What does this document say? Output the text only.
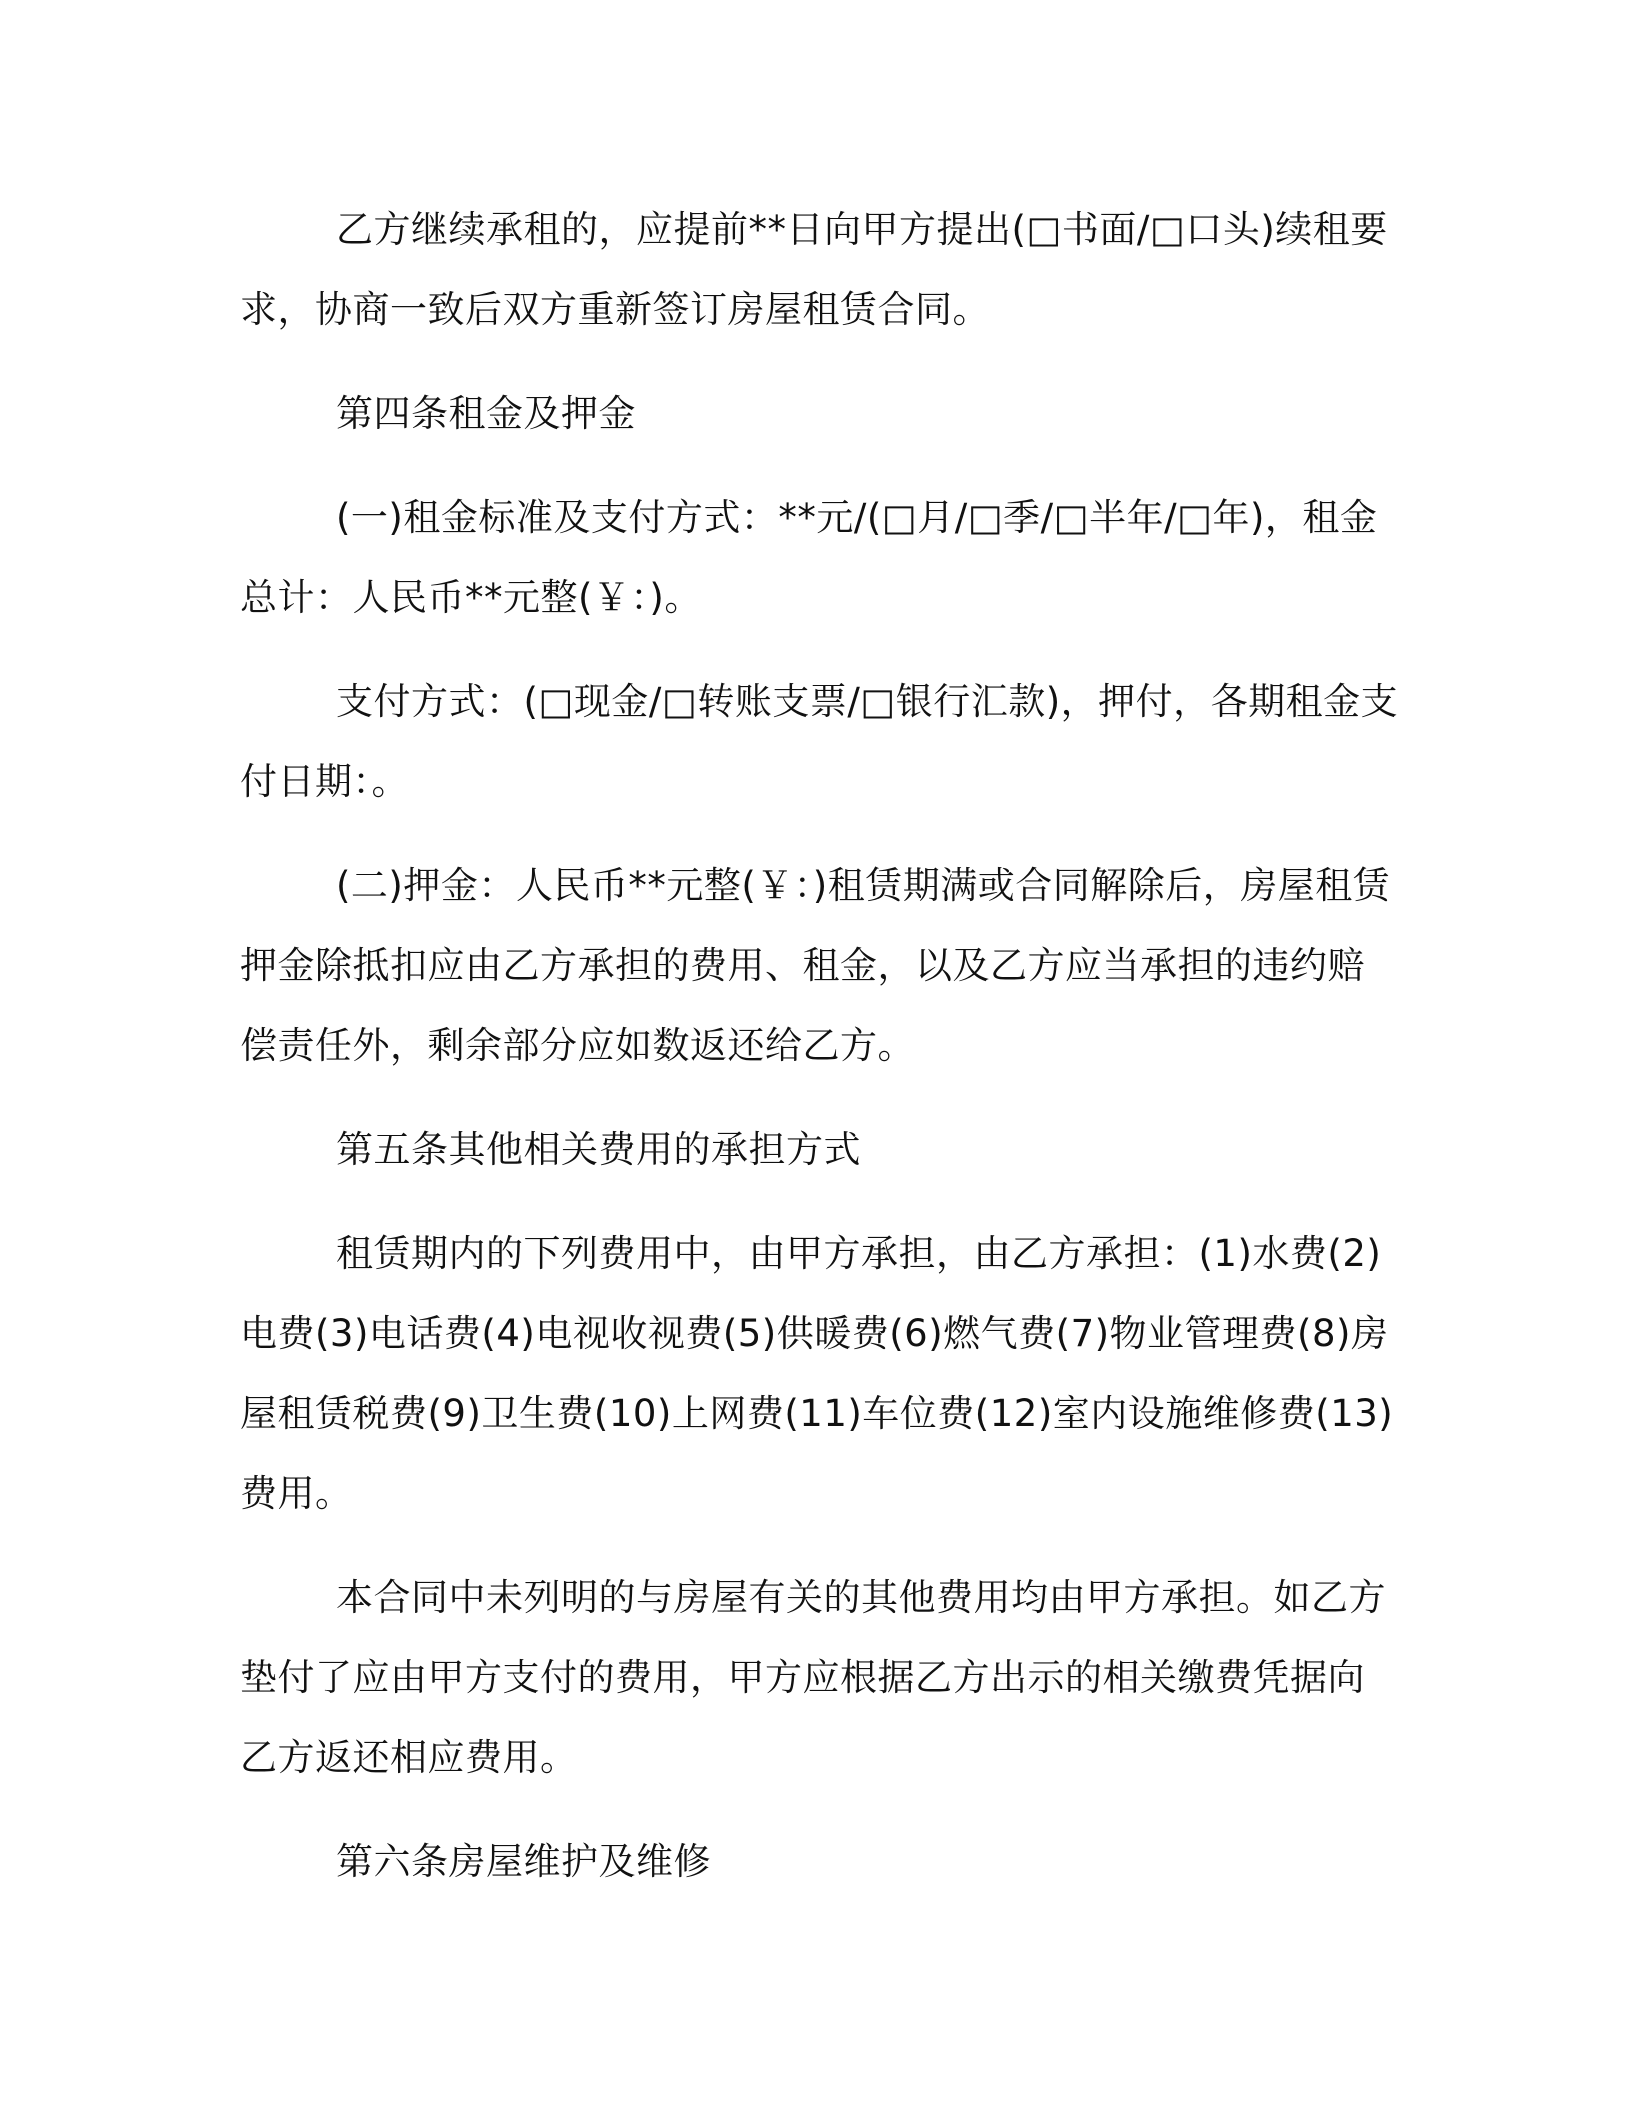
乙方继续承租的，应提前**日向甲方提出(□书面/□口头)续租要求，协商一致后双方重新签订房屋租赁合同。

第四条租金及押金

(一)租金标准及支付方式：**元/(□月/□季/□半年/□年)，租金总计：人民币**元整(￥：)。

支付方式：(□现金/□转账支票/□银行汇款)，押付，各期租金支付日期：。

(二)押金：人民币**元整(￥：)租赁期满或合同解除后，房屋租赁押金除抵扣应由乙方承担的费用、租金，以及乙方应当承担的违约赔偿责任外，剩余部分应如数返还给乙方。

第五条其他相关费用的承担方式

租赁期内的下列费用中，由甲方承担，由乙方承担：(1)水费(2)电费(3)电话费(4)电视收视费(5)供暖费(6)燃气费(7)物业管理费(8)房屋租赁税费(9)卫生费(10)上网费(11)车位费(12)室内设施维修费(13)费用。

本合同中未列明的与房屋有关的其他费用均由甲方承担。如乙方垫付了应由甲方支付的费用，甲方应根据乙方出示的相关缴费凭据向乙方返还相应费用。

第六条房屋维护及维修
